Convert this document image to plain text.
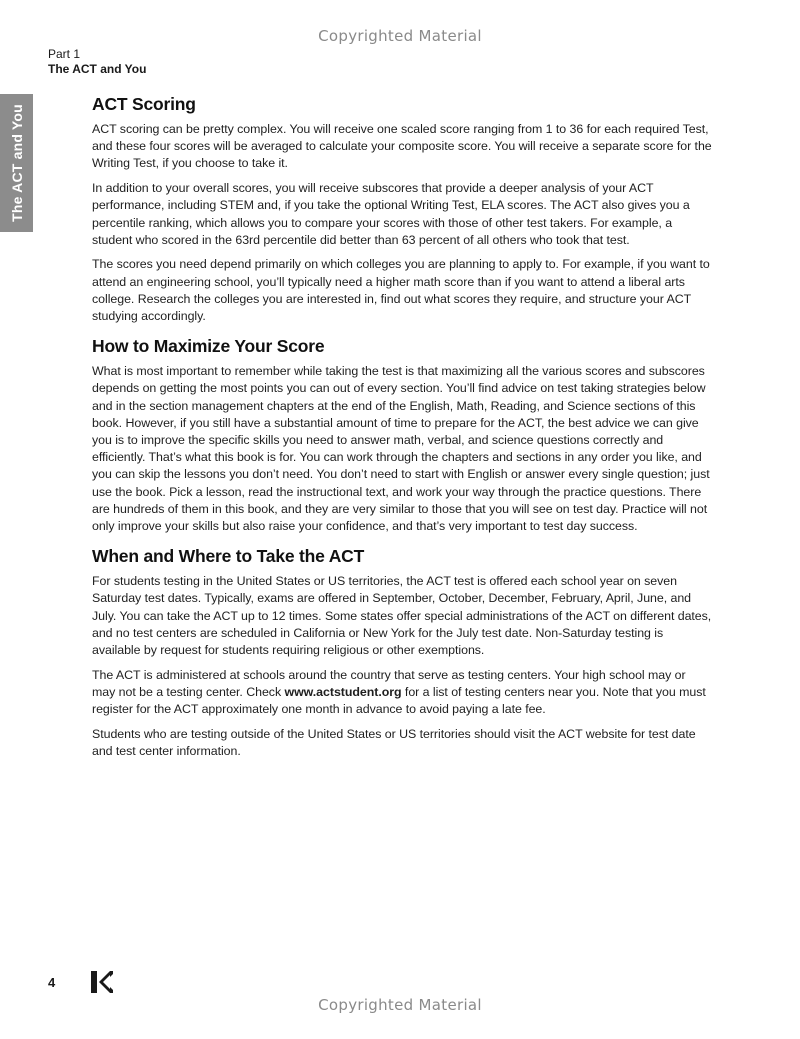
Copyrighted Material
Part 1
The ACT and You
The ACT and You
ACT Scoring

ACT scoring can be pretty complex. You will receive one scaled score ranging from 1 to 36 for each required Test, and these four scores will be averaged to calculate your composite score. You will receive a separate score for the Writing Test, if you choose to take it.

In addition to your overall scores, you will receive subscores that provide a deeper analysis of your ACT performance, including STEM and, if you take the optional Writing Test, ELA scores. The ACT also gives you a percentile ranking, which allows you to compare your scores with those of other test takers. For example, a student who scored in the 63rd percentile did better than 63 percent of all others who took that test.

The scores you need depend primarily on which colleges you are planning to apply to. For example, if you want to attend an engineering school, you’ll typically need a higher math score than if you want to attend a liberal arts college. Research the colleges you are interested in, find out what scores they require, and structure your ACT studying accordingly.

How to Maximize Your Score

What is most important to remember while taking the test is that maximizing all the various scores and subscores depends on getting the most points you can out of every section. You’ll find advice on test taking strategies below and in the section management chapters at the end of the English, Math, Reading, and Science sections of this book. However, if you still have a substantial amount of time to prepare for the ACT, the best advice we can give you is to improve the specific skills you need to answer math, verbal, and science questions correctly and efficiently. That’s what this book is for. You can work through the chapters and sections in any order you like, and you can skip the lessons you don’t need. You don’t need to start with English or answer every single question; just use the book. Pick a lesson, read the instructional text, and work your way through the practice questions. There are hundreds of them in this book, and they are very similar to those that you will see on test day. Practice will not only improve your skills but also raise your confidence, and that’s very important to test day success.

When and Where to Take the ACT

For students testing in the United States or US territories, the ACT test is offered each school year on seven Saturday test dates. Typically, exams are offered in September, October, December, February, April, June, and July. You can take the ACT up to 12 times. Some states offer special administrations of the ACT on different dates, and no test centers are scheduled in California or New York for the July test date. Non-Saturday testing is available by request for students requiring religious or other exemptions.

The ACT is administered at schools around the country that serve as testing centers. Your high school may or may not be a testing center. Check www.actstudent.org for a list of testing centers near you. Note that you must register for the ACT approximately one month in advance to avoid paying a late fee.

Students who are testing outside of the United States or US territories should visit the ACT website for test date and test center information.

4
Copyrighted Material
